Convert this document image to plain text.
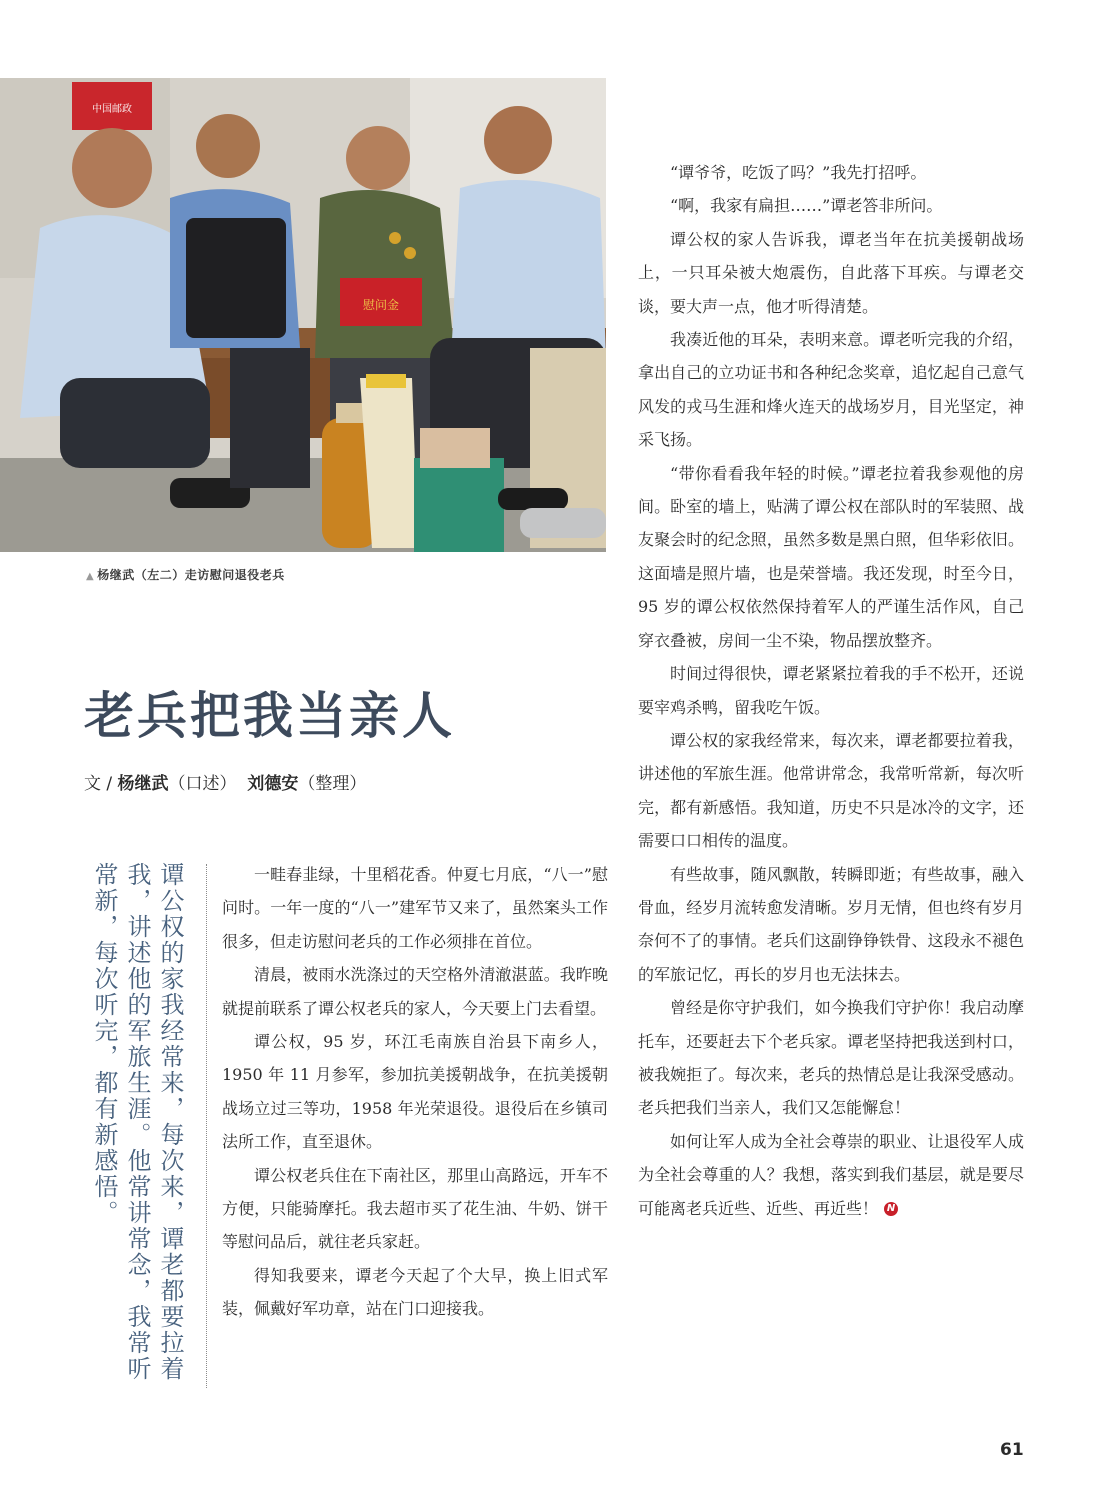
中国邮政
慰问金
▲ 杨继武（左二）走访慰问退役老兵
老兵把我当亲人
文 / 杨继武（口述） 刘德安（整理）

谭公权的家我经常来，每次来，谭老都要拉着我，讲述他的军旅生涯。他常讲常念，我常听常新，每次听完，都有新感悟。	一畦春韭绿，十里稻花香。仲夏七月底，“八一”慰问时。一年一度的“八一”建军节又来了，虽然案头工作很多，但走访慰问老兵的工作必须排在首位。

清晨，被雨水洗涤过的天空格外清澈湛蓝。我昨晚就提前联系了谭公权老兵的家人，今天要上门去看望。

谭公权，95 岁，环江毛南族自治县下南乡人，1950 年 11 月参军，参加抗美援朝战争，在抗美援朝战场立过三等功，1958 年光荣退役。退役后在乡镇司法所工作，直至退休。

谭公权老兵住在下南社区，那里山高路远，开车不方便，只能骑摩托。我去超市买了花生油、牛奶、饼干等慰问品后，就往老兵家赶。

得知我要来，谭老今天起了个大早，换上旧式军装，佩戴好军功章，站在门口迎接我。

“谭爷爷，吃饭了吗？”我先打招呼。

“啊，我家有扁担……”谭老答非所问。

谭公权的家人告诉我，谭老当年在抗美援朝战场上，一只耳朵被大炮震伤，自此落下耳疾。与谭老交谈，要大声一点，他才听得清楚。

我凑近他的耳朵，表明来意。谭老听完我的介绍，拿出自己的立功证书和各种纪念奖章，追忆起自己意气风发的戎马生涯和烽火连天的战场岁月，目光坚定，神采飞扬。

“带你看看我年轻的时候。”谭老拉着我参观他的房间。卧室的墙上，贴满了谭公权在部队时的军装照、战友聚会时的纪念照，虽然多数是黑白照，但华彩依旧。这面墙是照片墙，也是荣誉墙。我还发现，时至今日，95 岁的谭公权依然保持着军人的严谨生活作风，自己穿衣叠被，房间一尘不染，物品摆放整齐。

时间过得很快，谭老紧紧拉着我的手不松开，还说要宰鸡杀鸭，留我吃午饭。

谭公权的家我经常来，每次来，谭老都要拉着我，讲述他的军旅生涯。他常讲常念，我常听常新，每次听完，都有新感悟。我知道，历史不只是冰冷的文字，还需要口口相传的温度。

有些故事，随风飘散，转瞬即逝；有些故事，融入骨血，经岁月流转愈发清晰。岁月无情，但也终有岁月奈何不了的事情。老兵们这副铮铮铁骨、这段永不褪色的军旅记忆，再长的岁月也无法抹去。

曾经是你守护我们，如今换我们守护你！我启动摩托车，还要赶去下个老兵家。谭老坚持把我送到村口，被我婉拒了。每次来，老兵的热情总是让我深受感动。老兵把我们当亲人，我们又怎能懈怠！

如何让军人成为全社会尊崇的职业、让退役军人成为全社会尊重的人？我想，落实到我们基层，就是要尽可能离老兵近些、近些、再近些！ N

61
